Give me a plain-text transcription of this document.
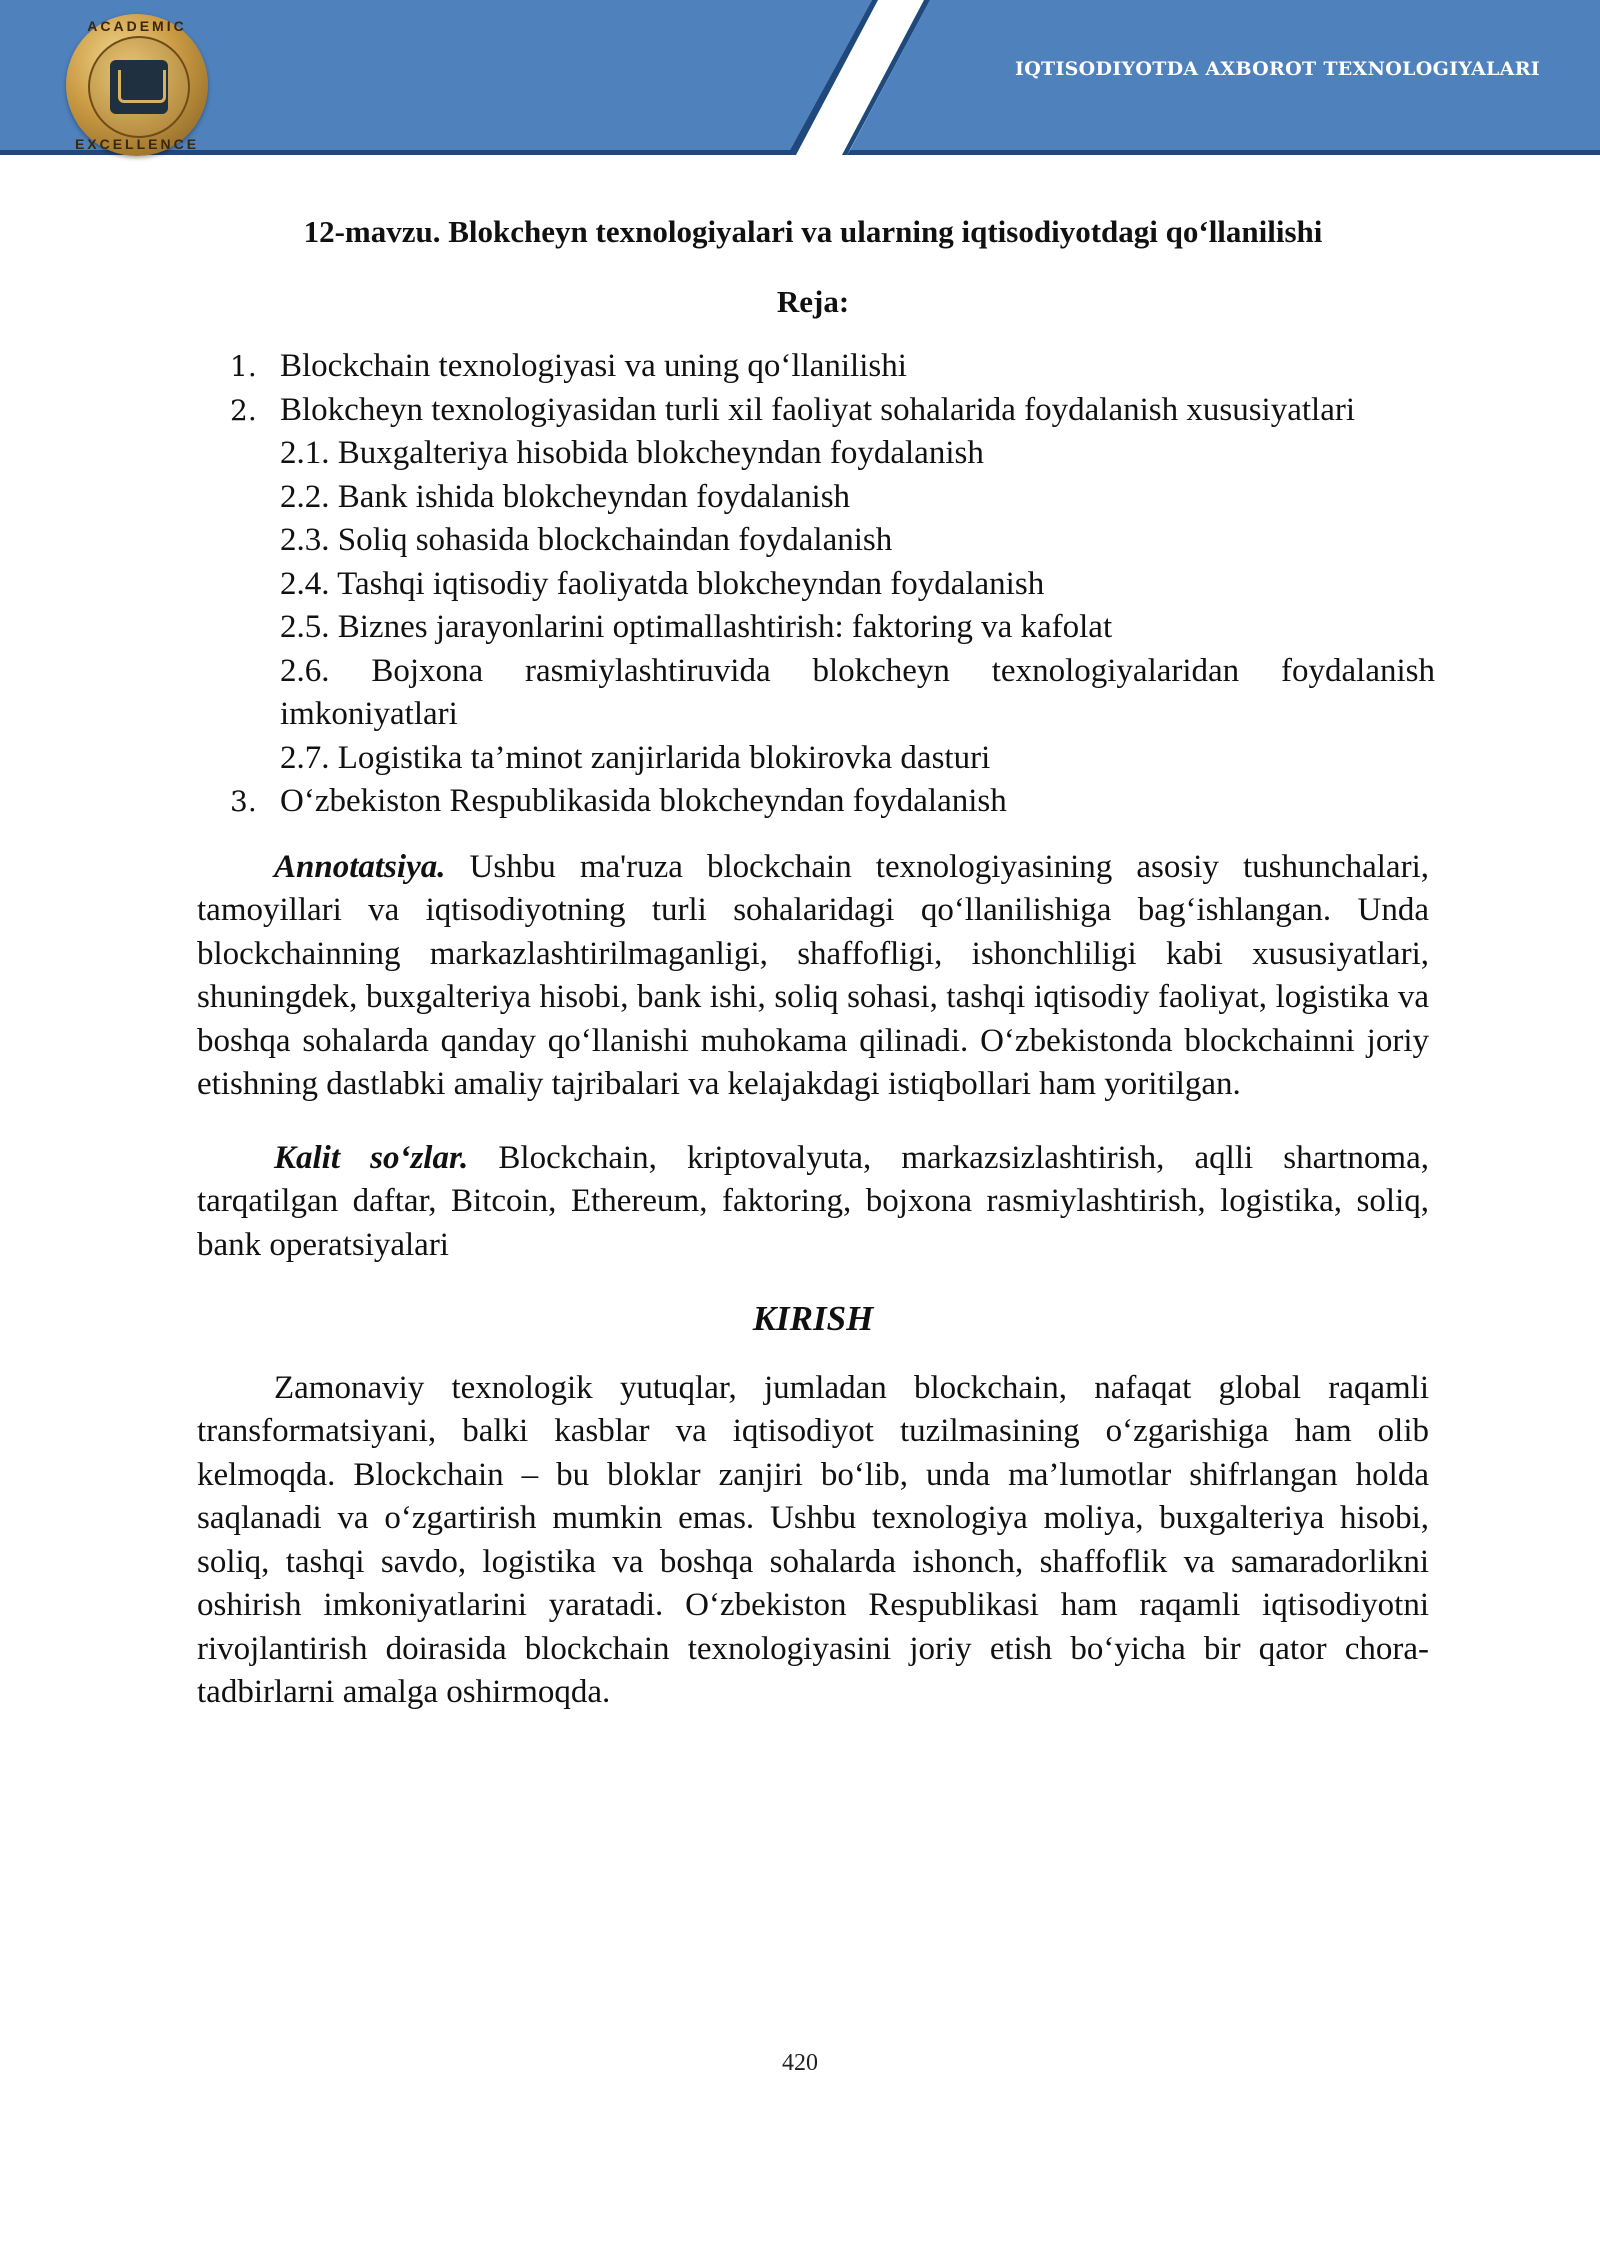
ACADEMIC
EXCELLENCE
IQTISODIYOTDA AXBOROT TEXNOLOGIYALARI
12-mavzu. Blokcheyn texnologiyalari va ularning iqtisodiyotdagi qo‘llanilishi
Reja:
1. Blockchain texnologiyasi va uning qo‘llanilishi
2. Blokcheyn texnologiyasidan turli xil faoliyat sohalarida foydalanish xususiyatlari
2.1. Buxgalteriya hisobida blokcheyndan foydalanish
2.2. Bank ishida blokcheyndan foydalanish
2.3. Soliq sohasida blockchaindan foydalanish
2.4. Tashqi iqtisodiy faoliyatda blokcheyndan foydalanish
2.5. Biznes jarayonlarini optimallashtirish: faktoring va kafolat
2.6. Bojxona rasmiylashtiruvida blokcheyn texnologiyalaridan foydalanish imkoniyatlari
2.7. Logistika ta’minot zanjirlarida blokirovka dasturi
3. O‘zbekiston Respublikasida blokcheyndan foydalanish

Annotatsiya. Ushbu ma'ruza blockchain texnologiyasining asosiy tushunchalari, tamoyillari va iqtisodiyotning turli sohalaridagi qo‘llanilishiga bag‘ishlangan. Unda blockchainning markazlashtirilmaganligi, shaffofligi, ishonchliligi kabi xususiyatlari, shuningdek, buxgalteriya hisobi, bank ishi, soliq sohasi, tashqi iqtisodiy faoliyat, logistika va boshqa sohalarda qanday qo‘llanishi muhokama qilinadi. O‘zbekistonda blockchainni joriy etishning dastlabki amaliy tajribalari va kelajakdagi istiqbollari ham yoritilgan.

Kalit so‘zlar. Blockchain, kriptovalyuta, markazsizlashtirish, aqlli shartnoma, tarqatilgan daftar, Bitcoin, Ethereum, faktoring, bojxona rasmiylashtirish, logistika, soliq, bank operatsiyalari

KIRISH

Zamonaviy texnologik yutuqlar, jumladan blockchain, nafaqat global raqamli transformatsiyani, balki kasblar va iqtisodiyot tuzilmasining o‘zgarishiga ham olib kelmoqda. Blockchain – bu bloklar zanjiri bo‘lib, unda ma’lumotlar shifrlangan holda saqlanadi va o‘zgartirish mumkin emas. Ushbu texnologiya moliya, buxgalteriya hisobi, soliq, tashqi savdo, logistika va boshqa sohalarda ishonch, shaffoflik va samaradorlikni oshirish imkoniyatlarini yaratadi. O‘zbekiston Respublikasi ham raqamli iqtisodiyotni rivojlantirish doirasida blockchain texnologiyasini joriy etish bo‘yicha bir qator chora-tadbirlarni amalga oshirmoqda.

420
